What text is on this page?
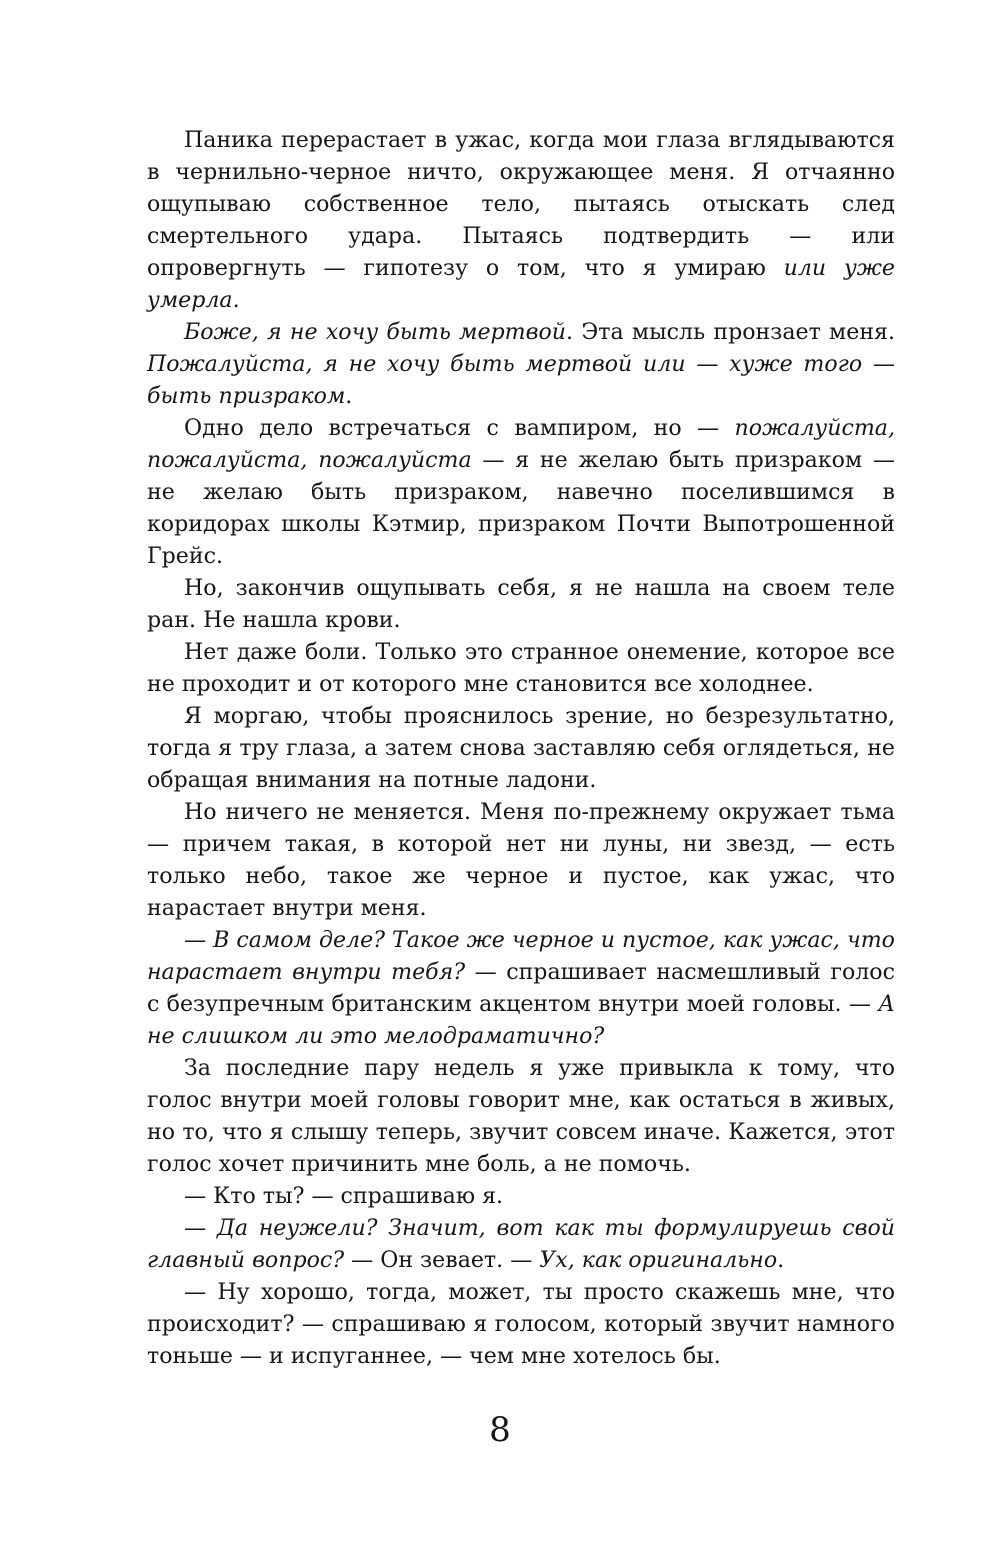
Паника перерастает в ужас, когда мои глаза вглядываются в чернильно-черное ничто, окружающее меня. Я отчаянно ощупываю собственное тело, пытаясь отыскать след смертельного удара. Пытаясь подтвердить — или опровергнуть — гипотезу о том, что я умираю или уже умерла.

Боже, я не хочу быть мертвой. Эта мысль пронзает меня. Пожалуйста, я не хочу быть мертвой или — хуже того — быть призраком.

Одно дело встречаться с вампиром, но — пожалуйста, пожалуйста, пожалуйста — я не желаю быть призраком — не желаю быть призраком, навечно поселившимся в коридорах школы Кэтмир, призраком Почти Выпотрошенной Грейс.

Но, закончив ощупывать себя, я не нашла на своем теле ран. Не нашла крови.

Нет даже боли. Только это странное онемение, которое все не проходит и от которого мне становится все холоднее.

Я моргаю, чтобы прояснилось зрение, но безрезультатно, тогда я тру глаза, а затем снова заставляю себя оглядеться, не обращая внимания на потные ладони.

Но ничего не меняется. Меня по-прежнему окружает тьма — причем такая, в которой нет ни луны, ни звезд, — есть только небо, такое же черное и пустое, как ужас, что нарастает внутри меня.

— В самом деле? Такое же черное и пустое, как ужас, что нарастает внутри тебя? — спрашивает насмешливый голос с безупречным британским акцентом внутри моей головы. — А не слишком ли это мелодраматично?

За последние пару недель я уже привыкла к тому, что голос внутри моей головы говорит мне, как остаться в живых, но то, что я слышу теперь, звучит совсем иначе. Кажется, этот голос хочет причинить мне боль, а не помочь.

— Кто ты? — спрашиваю я.

— Да неужели? Значит, вот как ты формулируешь свой главный вопрос? — Он зевает. — Ух, как оригинально.

— Ну хорошо, тогда, может, ты просто скажешь мне, что происходит? — спрашиваю я голосом, который звучит намного тоньше — и испуганнее, — чем мне хотелось бы.

8
